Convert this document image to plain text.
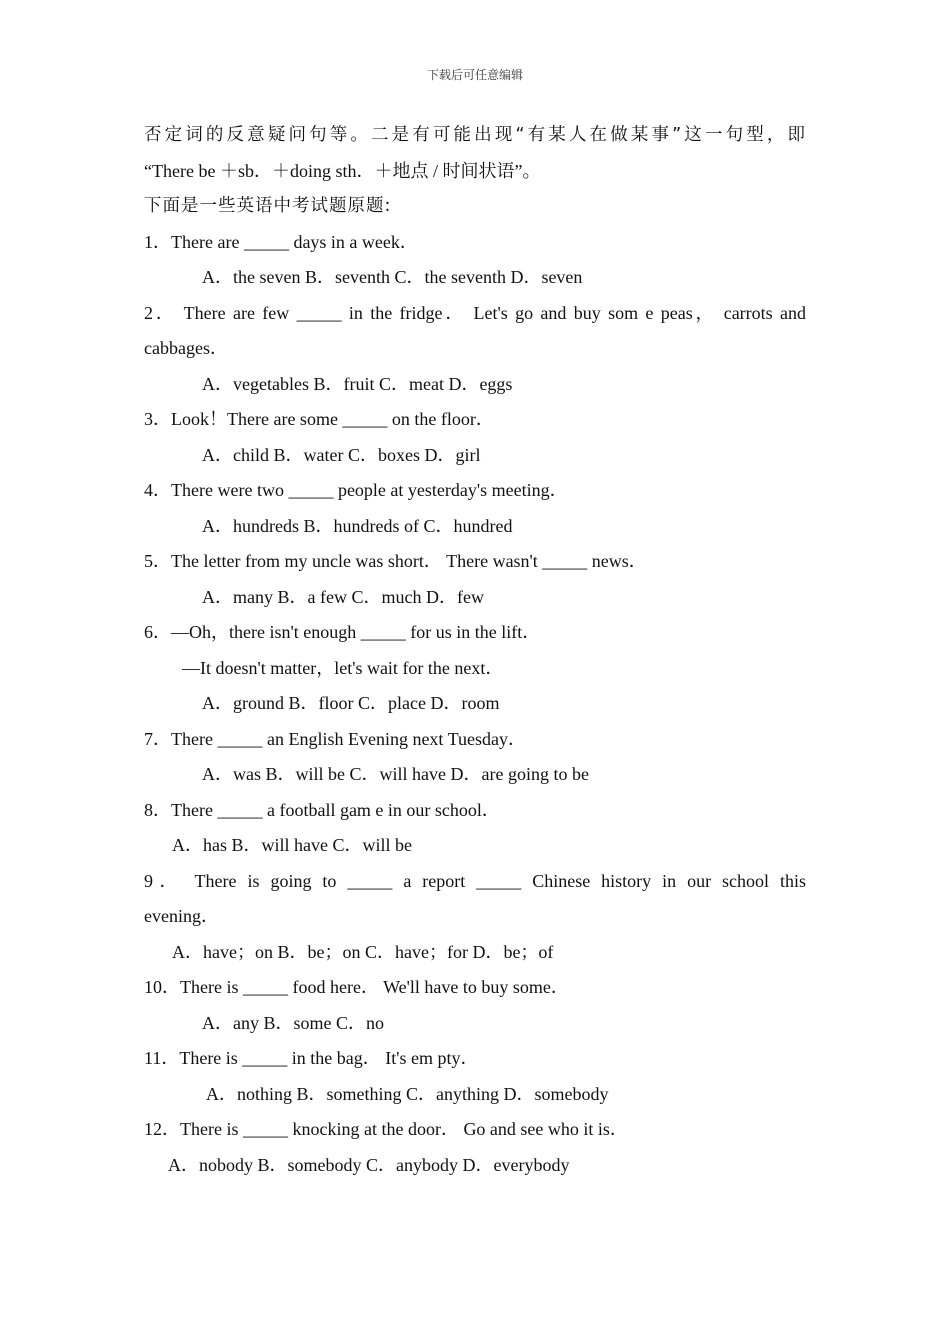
下载后可任意编辑
否定词的反意疑问句等。二是有可能出现“有某人在做某事”这一句型，即
“There be ＋sb．＋doing sth．＋地点 / 时间状语”。
下面是一些英语中考试题原题:
1．There are _____ days in a week．
A．the seven B．seventh C．the seventh D．seven
2． There are few _____ in the fridge． Let's go and buy som e peas， carrots and
cabbages．
A．vegetables B．fruit C．meat D．eggs
3．Look！There are some _____ on the floor．
A．child B．water C．boxes D．girl
4．There were two _____ people at yesterday's meeting．
A．hundreds B．hundreds of C．hundred
5．The letter from my uncle was short． There wasn't _____ news．
A．many B．a few C．much D．few
6．—Oh，there isn't enough _____ for us in the lift．
—It doesn't matter，let's wait for the next．
A．ground B．floor C．place D．room
7．There _____ an English Evening next Tuesday．
A．was B．will be C．will have D．are going to be
8．There _____ a football gam e in our school．
A．has B．will have C．will be
9． There is going to _____ a report _____ Chinese history in our school this
evening．
A．have；on B．be；on C．have；for D．be；of
10．There is _____ food here． We'll have to buy some．
A．any B．some C．no
11．There is _____ in the bag． It's em pty．
A．nothing B．something C．anything D．somebody
12．There is _____ knocking at the door． Go and see who it is．
A．nobody B．somebody C．anybody D．everybody
